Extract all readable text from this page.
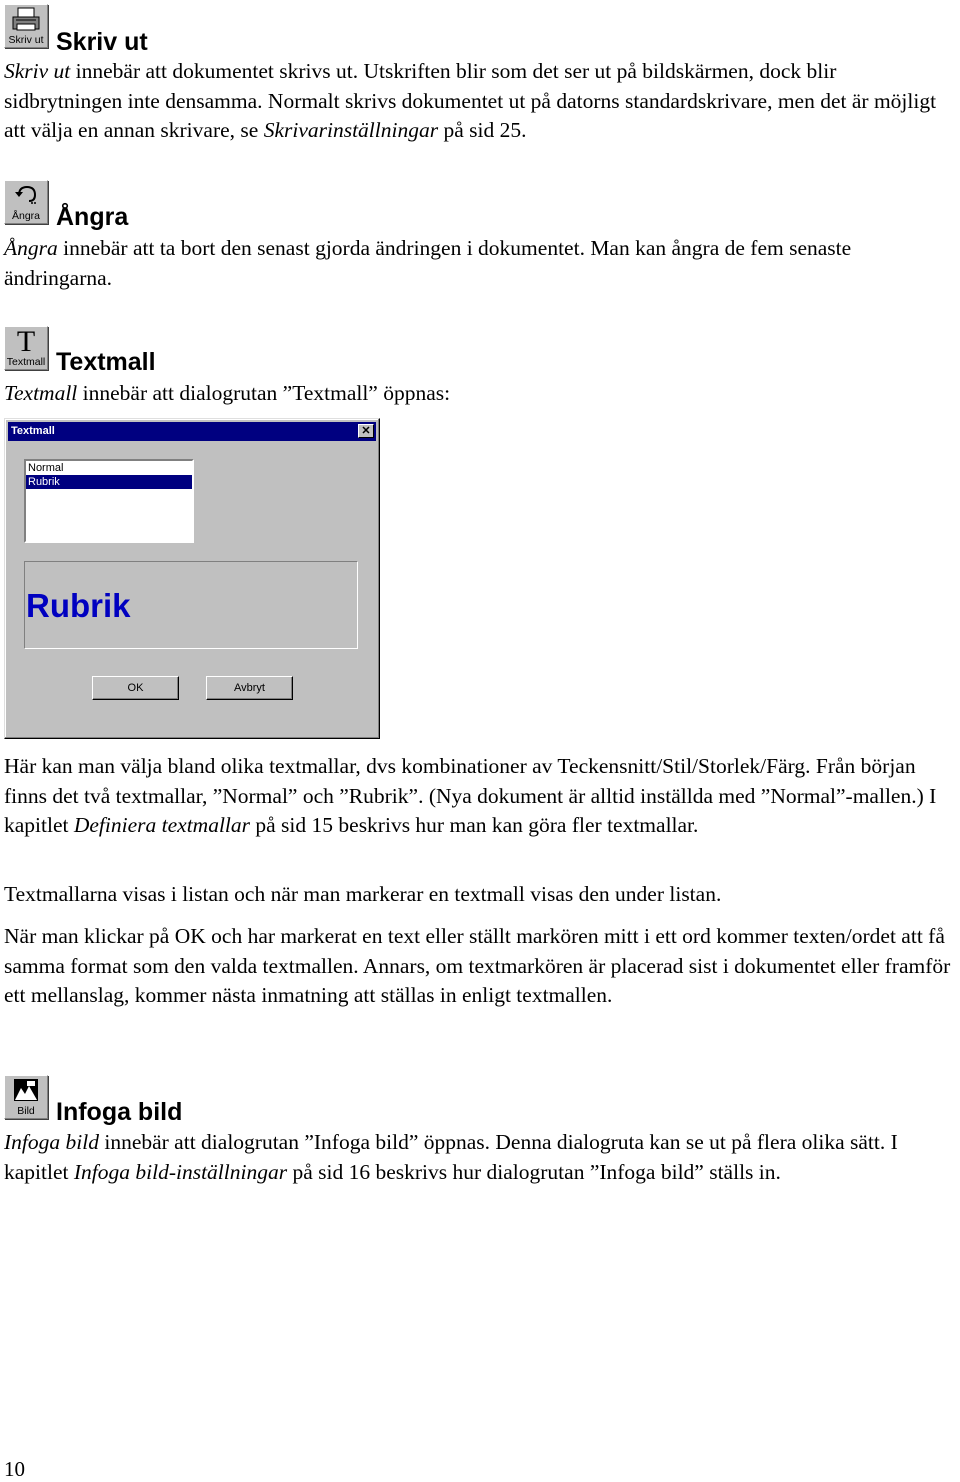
Skriv ut Skriv ut

Skriv ut innebär att dokumentet skrivs ut. Utskriften blir som det ser ut på bildskärmen, dock blir sidbrytningen inte densamma. Normalt skrivs dokumentet ut på datorns standardskrivare, men det är möjligt att välja en annan skrivare, se Skrivarinställningar på sid 25.

Ångra Ångra

Ångra innebär att ta bort den senast gjorda ändringen i dokumentet. Man kan ångra de fem senaste ändringarna.

T
Textmall Textmall

Textmall innebär att dialogrutan ”Textmall” öppnas:

Textmall	✕
Normal
Rubrik
Rubrik
OK	Avbryt

Här kan man välja bland olika textmallar, dvs kombinationer av Teckensnitt/Stil/Storlek/Färg. Från början finns det två textmallar, ”Normal” och ”Rubrik”. (Nya dokument är alltid inställda med ”Normal”-mallen.) I kapitlet Definiera textmallar på sid 15 beskrivs hur man kan göra fler textmallar.

Textmallarna visas i listan och när man markerar en textmall visas den under listan.

När man klickar på OK och har markerat en text eller ställt markören mitt i ett ord kommer texten/ordet att få samma format som den valda textmallen. Annars, om textmarkören är placerad sist i dokumentet eller framför ett mellanslag, kommer nästa inmatning att ställas in enligt textmallen.

Bild Infoga bild

Infoga bild innebär att dialogrutan ”Infoga bild” öppnas. Denna dialogruta kan se ut på flera olika sätt. I kapitlet Infoga bild-inställningar på sid 16 beskrivs hur dialogrutan ”Infoga bild” ställs in.

10
